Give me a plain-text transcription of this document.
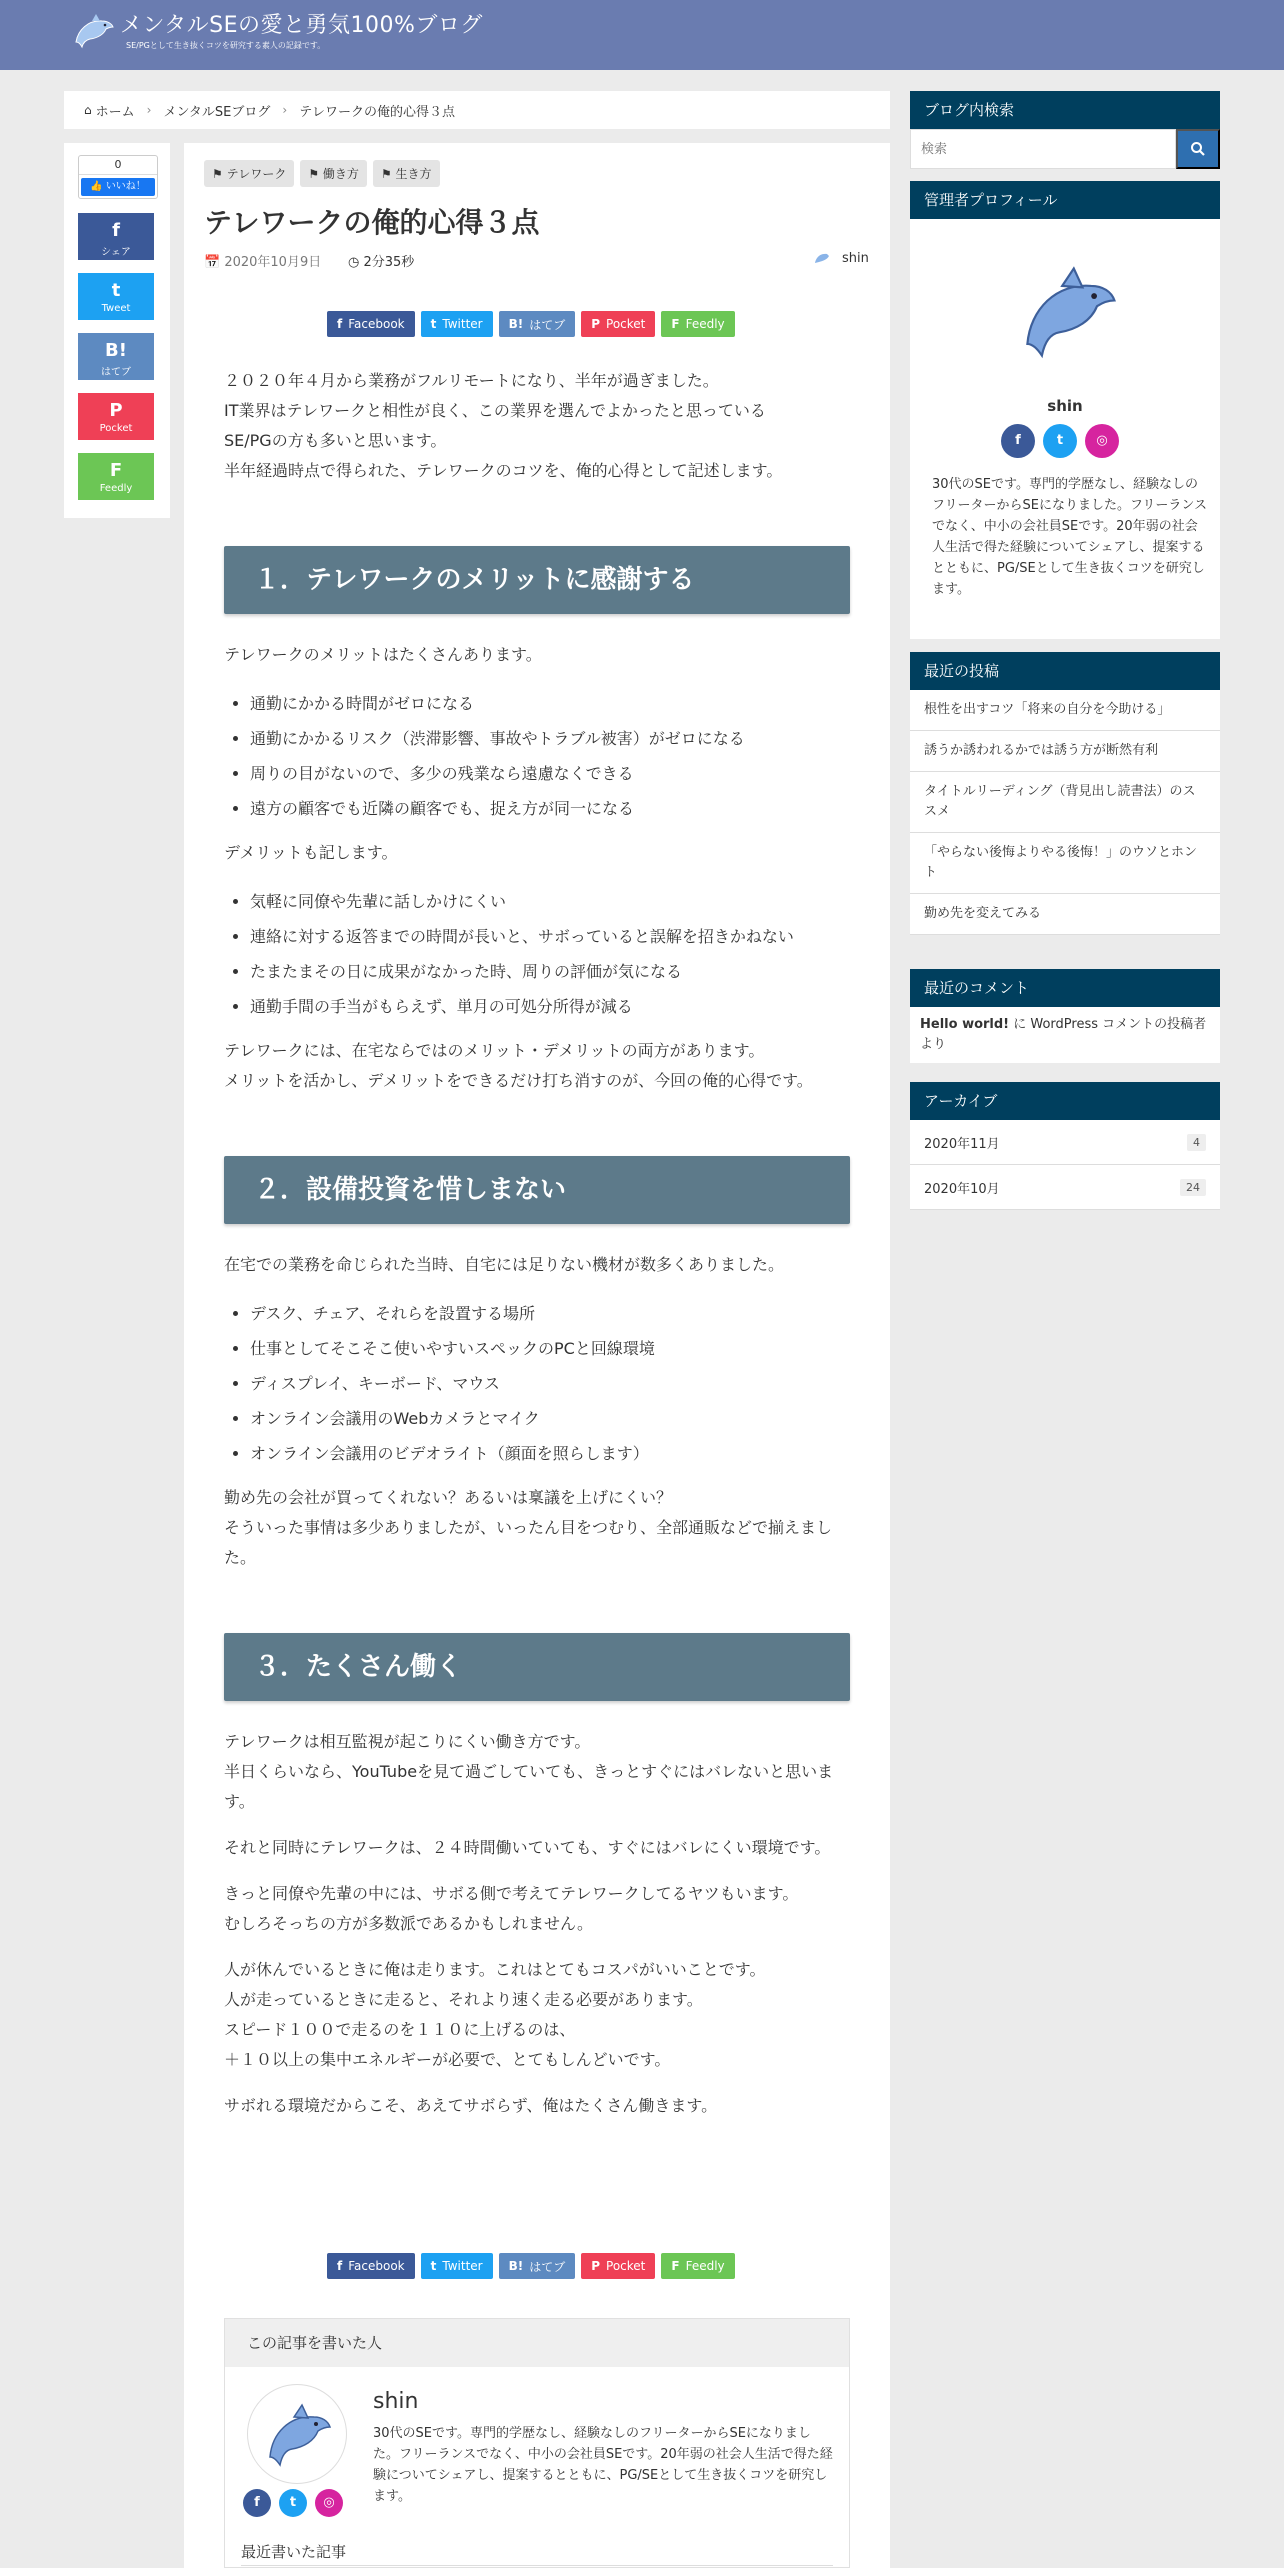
メンタルSEの愛と勇気100%ブログ
SE/PGとして生き抜くコツを研究する素人の記録です。
⌂ ホーム › メンタルSEブログ › テレワークの俺的心得３点
0
👍 いいね！
f
シェア
t
Tweet
B!
はてブ
P
Pocket
F
Feedly
⚑ テレワーク	⚑ 働き方	⚑ 生き方
テレワークの俺的心得３点
📅 2020年10月9日 ◷ 2分35秒	shin
f Facebook t Twitter B! はてブ P Pocket F Feedly

２０２０年４月から業務がフルリモートになり、半年が過ぎました。
IT業界はテレワークと相性が良く、この業界を選んでよかったと思っている
SE/PGの方も多いと思います。
半年経過時点で得られた、テレワークのコツを、俺的心得として記述します。

１．テレワークのメリットに感謝する

テレワークのメリットはたくさんあります。

• 通勤にかかる時間がゼロになる
• 通勤にかかるリスク（渋滞影響、事故やトラブル被害）がゼロになる
• 周りの目がないので、多少の残業なら遠慮なくできる
• 遠方の顧客でも近隣の顧客でも、捉え方が同一になる

デメリットも記します。

• 気軽に同僚や先輩に話しかけにくい
• 連絡に対する返答までの時間が長いと、サボっていると誤解を招きかねない
• たまたまその日に成果がなかった時、周りの評価が気になる
• 通勤手間の手当がもらえず、単月の可処分所得が減る

テレワークには、在宅ならではのメリット・デメリットの両方があります。
メリットを活かし、デメリットをできるだけ打ち消すのが、今回の俺的心得です。

２．設備投資を惜しまない

在宅での業務を命じられた当時、自宅には足りない機材が数多くありました。

• デスク、チェア、それらを設置する場所
• 仕事としてそこそこ使いやすいスペックのPCと回線環境
• ディスプレイ、キーボード、マウス
• オンライン会議用のWebカメラとマイク
• オンライン会議用のビデオライト（顔面を照らします）

勤め先の会社が買ってくれない？あるいは稟議を上げにくい？
そういった事情は多少ありましたが、いったん目をつむり、全部通販などで揃えました。

３．たくさん働く

テレワークは相互監視が起こりにくい働き方です。
半日くらいなら、YouTubeを見て過ごしていても、きっとすぐにはバレないと思います。

それと同時にテレワークは、２４時間働いていても、すぐにはバレにくい環境です。

きっと同僚や先輩の中には、サボる側で考えてテレワークしてるヤツもいます。
むしろそっちの方が多数派であるかもしれません。

人が休んでいるときに俺は走ります。これはとてもコスパがいいことです。
人が走っているときに走ると、それより速く走る必要があります。
スピード１００で走るのを１１０に上げるのは、
＋１０以上の集中エネルギーが必要で、とてもしんどいです。

サボれる環境だからこそ、あえてサボらず、俺はたくさん働きます。

f Facebook t Twitter B! はてブ P Pocket F Feedly
この記事を書いた人
shin
30代のSEです。専門的学歴なし、経験なしのフリーターからSEになりました。フリーランスでなく、中小の会社員SEです。20年弱の社会人生活で得た経験についてシェアし、提案するとともに、PG/SEとして生き抜くコツを研究します。
f	t	◎
最近書いた記事
ブログ内検索
検索
管理者プロフィール
shin
f	t	◎
30代のSEです。専門的学歴なし、経験なしのフリーターからSEになりました。フリーランスでなく、中小の会社員SEです。20年弱の社会人生活で得た経験についてシェアし、提案するとともに、PG/SEとして生き抜くコツを研究します。
最近の投稿
根性を出すコツ「将来の自分を今助ける」
誘うか誘われるかでは誘う方が断然有利
タイトルリーディング（背見出し読書法）のススメ
「やらない後悔よりやる後悔！」のウソとホント
勤め先を変えてみる
最近のコメント
Hello world! に WordPress コメントの投稿者 より
アーカイブ
2020年11月	4
2020年10月	24
